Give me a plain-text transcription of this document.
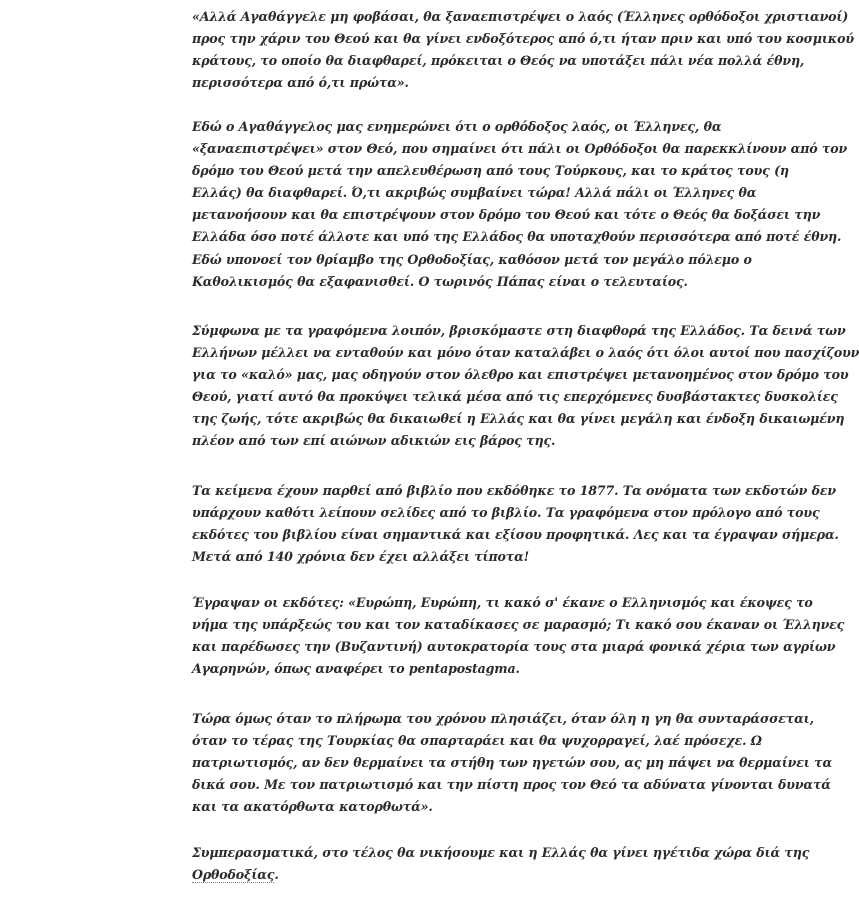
«Αλλά Αγαθάγγελε μη φοβάσαι, θα ξαναεπιστρέψει ο λαός (Έλληνες ορθόδοξοι χριστιανοί)
προς την χάριν του Θεού και θα γίνει ενδοξότερος από ό,τι ήταν πριν και υπό του κοσμικού
κράτους, το οποίο θα διαφθαρεί, πρόκειται ο Θεός να υποτάξει πάλι νέα πολλά έθνη,
περισσότερα από ό,τι πρώτα».

Εδώ ο Αγαθάγγελος μας ενημερώνει ότι ο ορθόδοξος λαός, οι Έλληνες, θα
«ξαναεπιστρέψει» στον Θεό, που σημαίνει ότι πάλι οι Ορθόδοξοι θα παρεκκλίνουν από τον
δρόμο του Θεού μετά την απελευθέρωση από τους Τούρκους, και το κράτος τους (η
Ελλάς) θα διαφθαρεί. Ό,τι ακριβώς συμβαίνει τώρα! Αλλά πάλι οι Έλληνες θα
μετανοήσουν και θα επιστρέψουν στον δρόμο του Θεού και τότε ο Θεός θα δοξάσει την
Ελλάδα όσο ποτέ άλλοτε και υπό της Ελλάδος θα υποταχθούν περισσότερα από ποτέ έθνη.
Εδώ υπονοεί τον θρίαμβο της Ορθοδοξίας, καθόσον μετά τον μεγάλο πόλεμο ο
Καθολικισμός θα εξαφανισθεί. Ο τωρινός Πάπας είναι ο τελευταίος.

Σύμφωνα με τα γραφόμενα λοιπόν, βρισκόμαστε στη διαφθορά της Ελλάδος. Τα δεινά των
Ελλήνων μέλλει να ενταθούν και μόνο όταν καταλάβει ο λαός ότι όλοι αυτοί που πασχίζουν
για το «καλό» μας, μας οδηγούν στον όλεθρο και επιστρέψει μετανοημένος στον δρόμο του
Θεού, γιατί αυτό θα προκύψει τελικά μέσα από τις επερχόμενες δυσβάστακτες δυσκολίες
της ζωής, τότε ακριβώς θα δικαιωθεί η Ελλάς και θα γίνει μεγάλη και ένδοξη δικαιωμένη
πλέον από των επί αιώνων αδικιών εις βάρος της.

Τα κείμενα έχουν παρθεί από βιβλίο που εκδόθηκε το 1877. Τα ονόματα των εκδοτών δεν
υπάρχουν καθότι λείπουν σελίδες από το βιβλίο. Τα γραφόμενα στον πρόλογο από τους
εκδότες του βιβλίου είναι σημαντικά και εξίσου προφητικά. Λες και τα έγραψαν σήμερα.
Μετά από 140 χρόνια δεν έχει αλλάξει τίποτα!

Έγραψαν οι εκδότες: «Ευρώπη, Ευρώπη, τι κακό σ' έκανε ο Ελληνισμός και έκοψες το
νήμα της υπάρξεώς του και τον καταδίκασες σε μαρασμό; Τι κακό σου έκαναν οι Έλληνες
και παρέδωσες την (Βυζαντινή) αυτοκρατορία τους στα μιαρά φονικά χέρια των αγρίων
Αγαρηνών, όπως αναφέρει το pentapostagma.

Τώρα όμως όταν το πλήρωμα του χρόνου πλησιάζει, όταν όλη η γη θα συνταράσσεται,
όταν το τέρας της Τουρκίας θα σπαρταράει και θα ψυχορραγεί, λαέ πρόσεχε. Ω
πατριωτισμός, αν δεν θερμαίνει τα στήθη των ηγετών σου, ας μη πάψει να θερμαίνει τα
δικά σου. Με τον πατριωτισμό και την πίστη προς τον Θεό τα αδύνατα γίνονται δυνατά
και τα ακατόρθωτα κατορθωτά».

Συμπερασματικά, στο τέλος θα νικήσουμε και η Ελλάς θα γίνει ηγέτιδα χώρα διά της
Ορθοδοξίας.
